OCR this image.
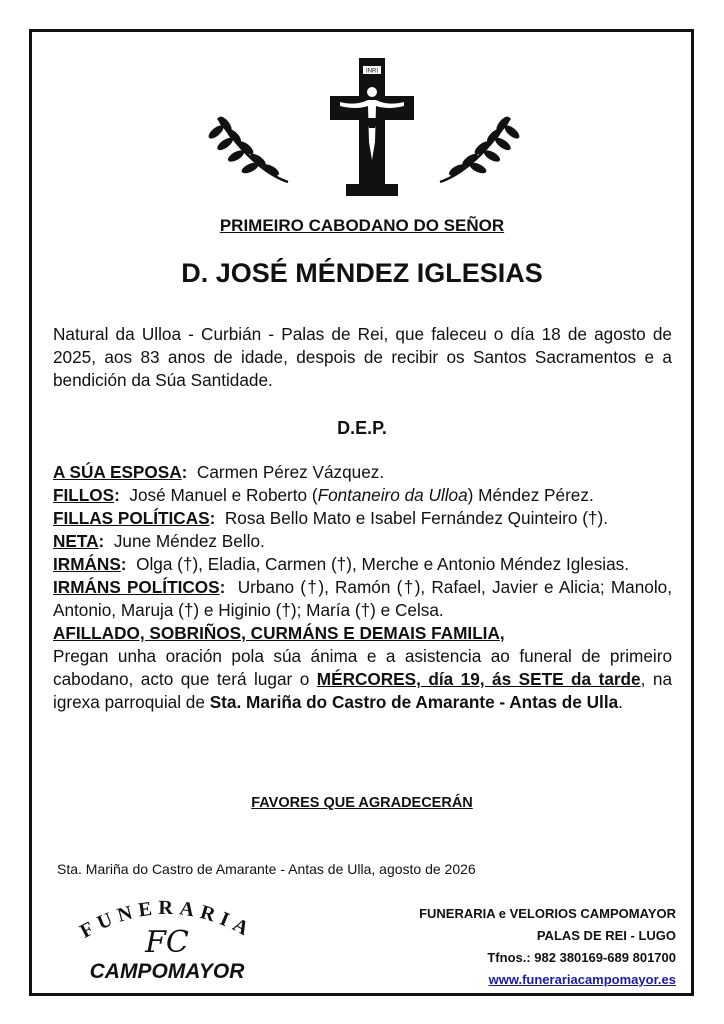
INRI
PRIMEIRO CABODANO DO SEÑOR
D. JOSÉ MÉNDEZ IGLESIAS
Natural da Ulloa - Curbián - Palas de Rei, que faleceu o día 18 de agosto de 2025, aos 83 anos de idade, despois de recibir os Santos Sacramentos e a bendición da Súa Santidade.
D.E.P.

A SÚA ESPOSA: Carmen Pérez Vázquez.

FILLOS: José Manuel e Roberto (Fontaneiro da Ulloa) Méndez Pérez.

FILLAS POLÍTICAS: Rosa Bello Mato e Isabel Fernández Quinteiro (†).

NETA: June Méndez Bello.

IRMÁNS: Olga (†), Eladia, Carmen (†), Merche e Antonio Méndez Iglesias.

IRMÁNS POLÍTICOS: Urbano (†), Ramón (†), Rafael, Javier e Alicia; Manolo, Antonio, Maruja (†) e Higinio (†); María (†) e Celsa.

AFILLADO, SOBRIÑOS, CURMÁNS E DEMAIS FAMILIA,

Pregan unha oración pola súa ánima e a asistencia ao funeral de primeiro cabodano, acto que terá lugar o MÉRCORES, día 19, ás SETE da tarde, na igrexa parroquial de Sta. Mariña do Castro de Amarante - Antas de Ulla.

FAVORES QUE AGRADECERÁN
Sta. Mariña do Castro de Amarante - Antas de Ulla, agosto de 2026
FUNERARIA
FC
CAMPOMAYOR
FUNERARIA e VELORIOS CAMPOMAYOR
PALAS DE REI - LUGO
Tfnos.: 982 380169-689 801700
www.funerariacampomayor.es
